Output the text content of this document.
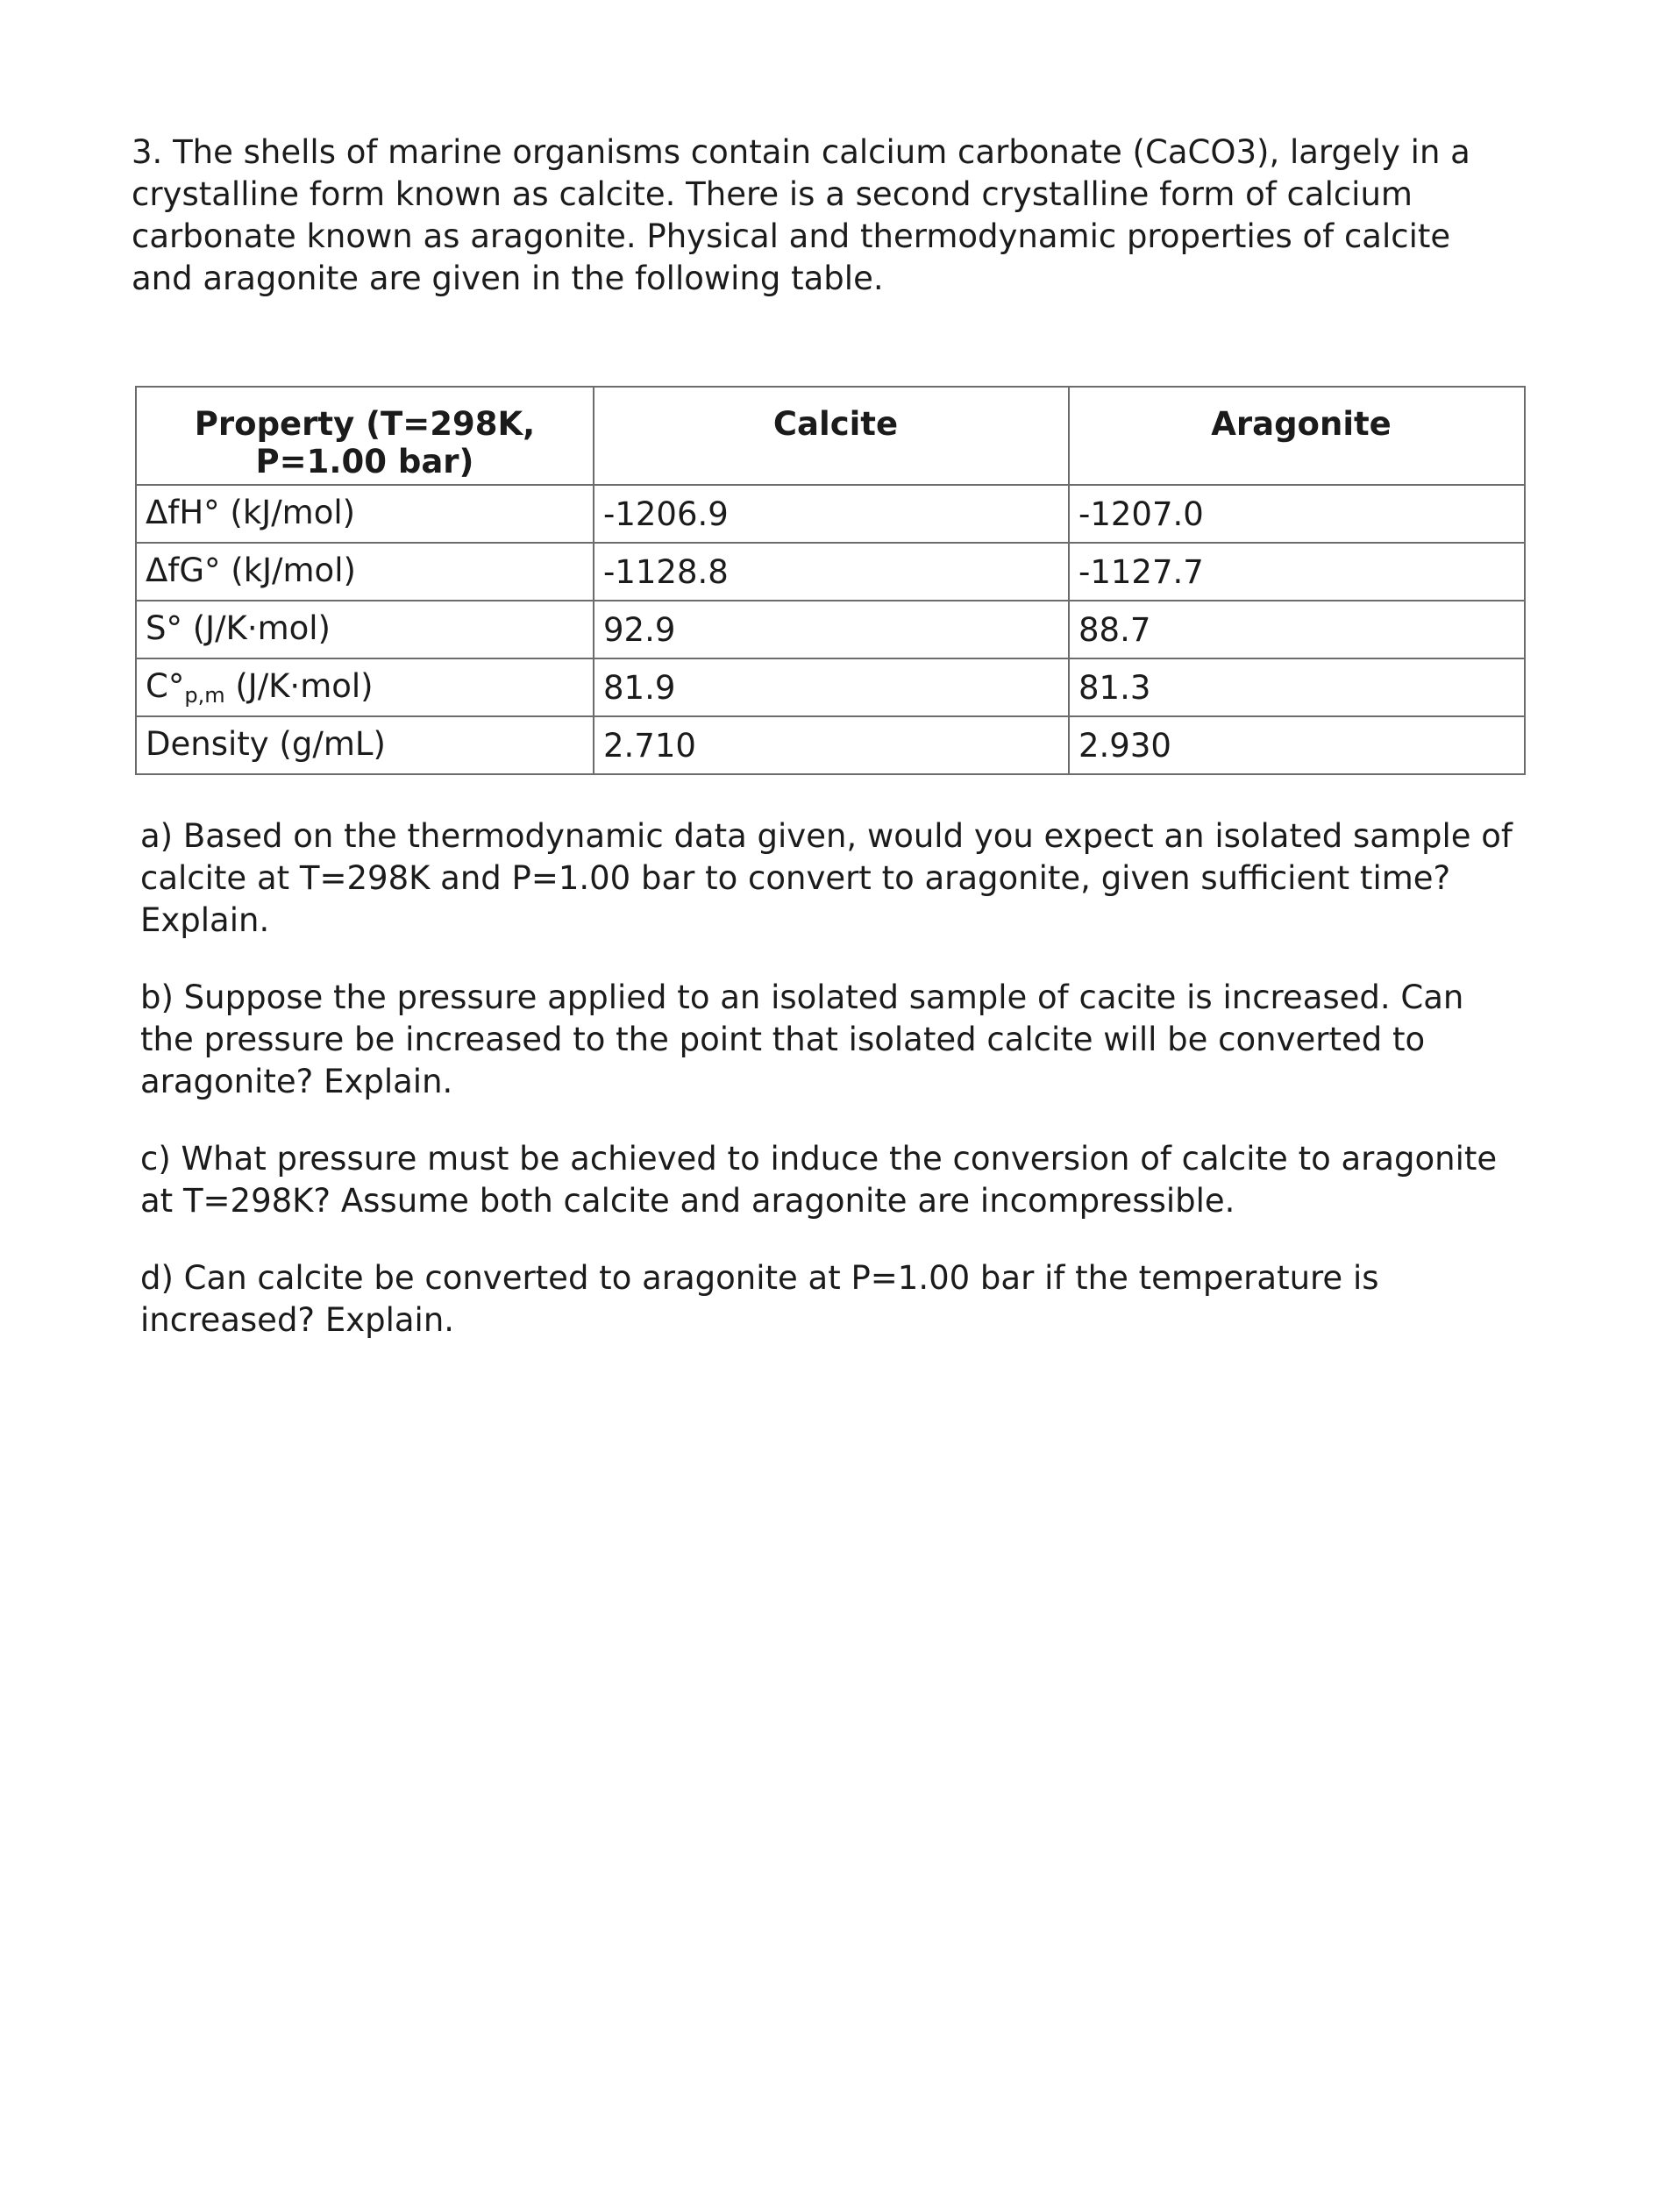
3. The shells of marine organisms contain calcium carbonate (CaCO3), largely in a crystalline form known as calcite. There is a second crystalline form of calcium carbonate known as aragonite. Physical and thermodynamic properties of calcite and aragonite are given in the following table.

Property (T=298K,
P=1.00 bar)	Calcite	Aragonite
ΔfH° (kJ/mol)	-1206.9	-1207.0
ΔfG° (kJ/mol)	-1128.8	-1127.7
S° (J/K·mol)	92.9	88.7
$C^\circ_{p,m}$ (J/K·mol)	81.9	81.3
Density (g/mL)	2.710	2.930

a) Based on the thermodynamic data given, would you expect an isolated sample of calcite at T=298K and P=1.00 bar to convert to aragonite, given sufficient time? Explain.

b) Suppose the pressure applied to an isolated sample of cacite is increased. Can the pressure be increased to the point that isolated calcite will be converted to aragonite? Explain.

c) What pressure must be achieved to induce the conversion of calcite to aragonite at T=298K? Assume both calcite and aragonite are incompressible.

d) Can calcite be converted to aragonite at P=1.00 bar if the temperature is increased? Explain.
